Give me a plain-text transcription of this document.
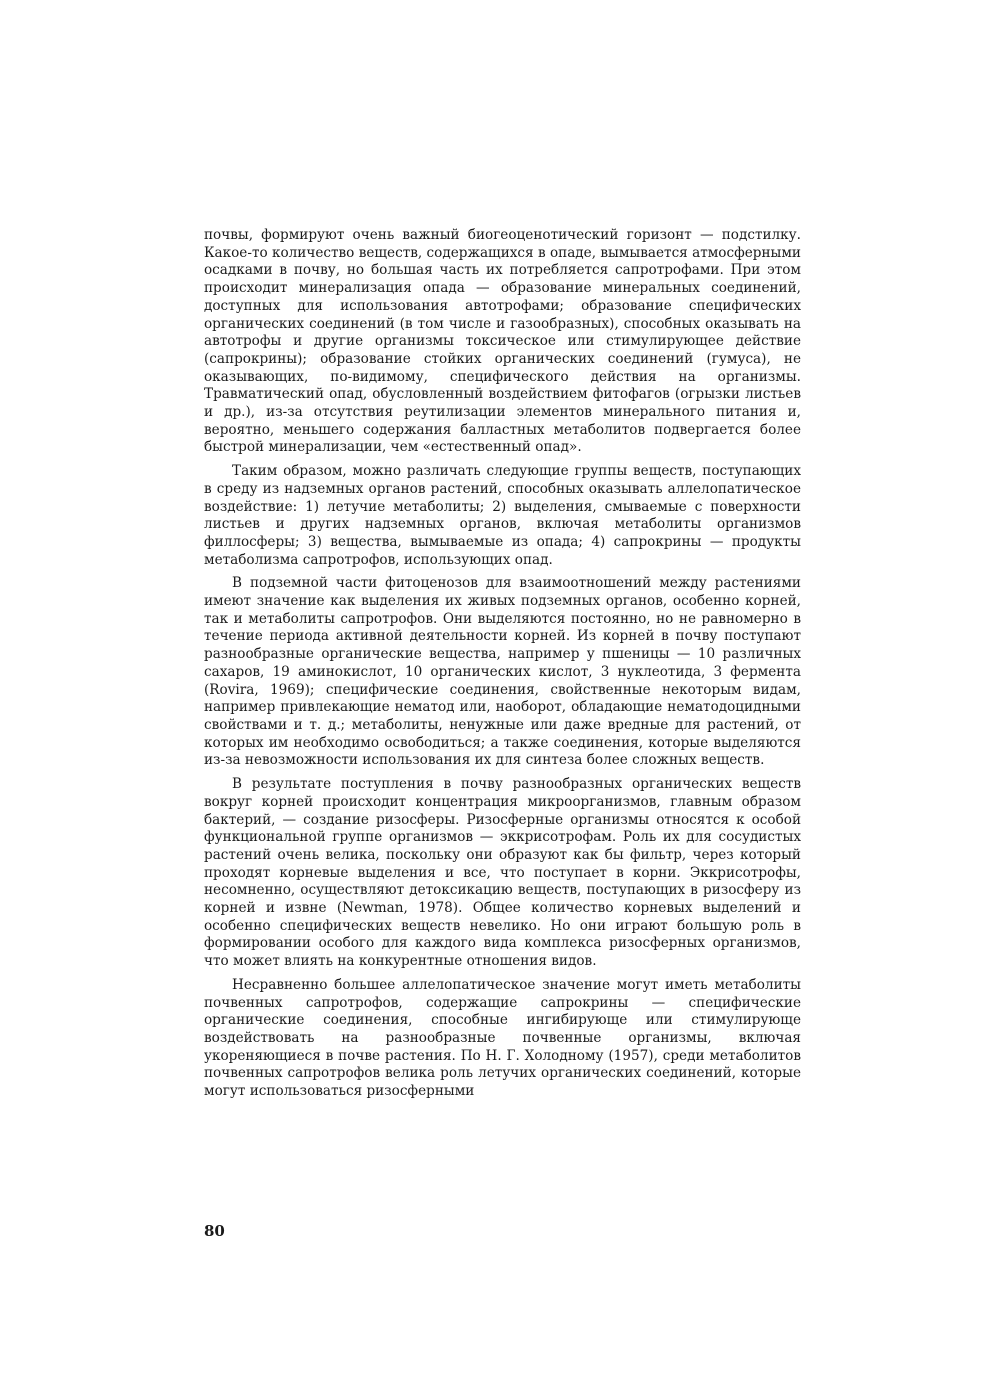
почвы, формируют очень важный биогеоценотический горизонт — подстилку. Какое-то количество веществ, содержащихся в опаде, вымывается атмосферными осадками в почву, но большая часть их потребляется сапротрофами. При этом происходит минерализация опада — образование минеральных соединений, доступных для использования автотрофами; образование специфических органических соединений (в том числе и газообразных), способных оказывать на автотрофы и другие организмы токсическое или стимулирующее действие (сапрокрины); образование стойких органических соединений (гумуса), не оказывающих, по-видимому, специфического действия на организмы. Травматический опад, обусловленный воздействием фитофагов (огрызки листьев и др.), из-за отсутствия реутилизации элементов минерального питания и, вероятно, меньшего содержания балластных метаболитов подвергается более быстрой минерализации, чем «естественный опад».

Таким образом, можно различать следующие группы веществ, поступающих в среду из надземных органов растений, способных оказывать аллелопатическое воздействие: 1) летучие метаболиты; 2) выделения, смываемые с поверхности листьев и других надземных органов, включая метаболиты организмов филлосферы; 3) вещества, вымываемые из опада; 4) сапрокрины — продукты метаболизма сапротрофов, использующих опад.

В подземной части фитоценозов для взаимоотношений между растениями имеют значение как выделения их живых подземных органов, особенно корней, так и метаболиты сапротрофов. Они выделяются постоянно, но не равномерно в течение периода активной деятельности корней. Из корней в почву поступают разнообразные органические вещества, например у пшеницы — 10 различных сахаров, 19 аминокислот, 10 органических кислот, 3 нуклеотида, 3 фермента (Rovira, 1969); специфические соединения, свойственные некоторым видам, например привлекающие нематод или, наоборот, обладающие нематодоцидными свойствами и т. д.; метаболиты, ненужные или даже вредные для растений, от которых им необходимо освободиться; а также соединения, которые выделяются из-за невозможности использования их для синтеза более сложных веществ.

В результате поступления в почву разнообразных органических веществ вокруг корней происходит концентрация микроорганизмов, главным образом бактерий, — создание ризосферы. Ризосферные организмы относятся к особой функциональной группе организмов — эккрисотрофам. Роль их для сосудистых растений очень велика, поскольку они образуют как бы фильтр, через который проходят корневые выделения и все, что поступает в корни. Эккрисотрофы, несомненно, осуществляют детоксикацию веществ, поступающих в ризосферу из корней и извне (Newman, 1978). Общее количество корневых выделений и особенно специфических веществ невелико. Но они играют большую роль в формировании особого для каждого вида комплекса ризосферных организмов, что может влиять на конкурентные отношения видов.

Несравненно большее аллелопатическое значение могут иметь метаболиты почвенных сапротрофов, содержащие сапрокрины — специфические органические соединения, способные ингибирующе или стимулирующе воздействовать на разнообразные почвенные организмы, включая укореняющиеся в почве растения. По Н. Г. Холодному (1957), среди метаболитов почвенных сапротрофов велика роль летучих органических соединений, которые могут использоваться ризосферными

80
